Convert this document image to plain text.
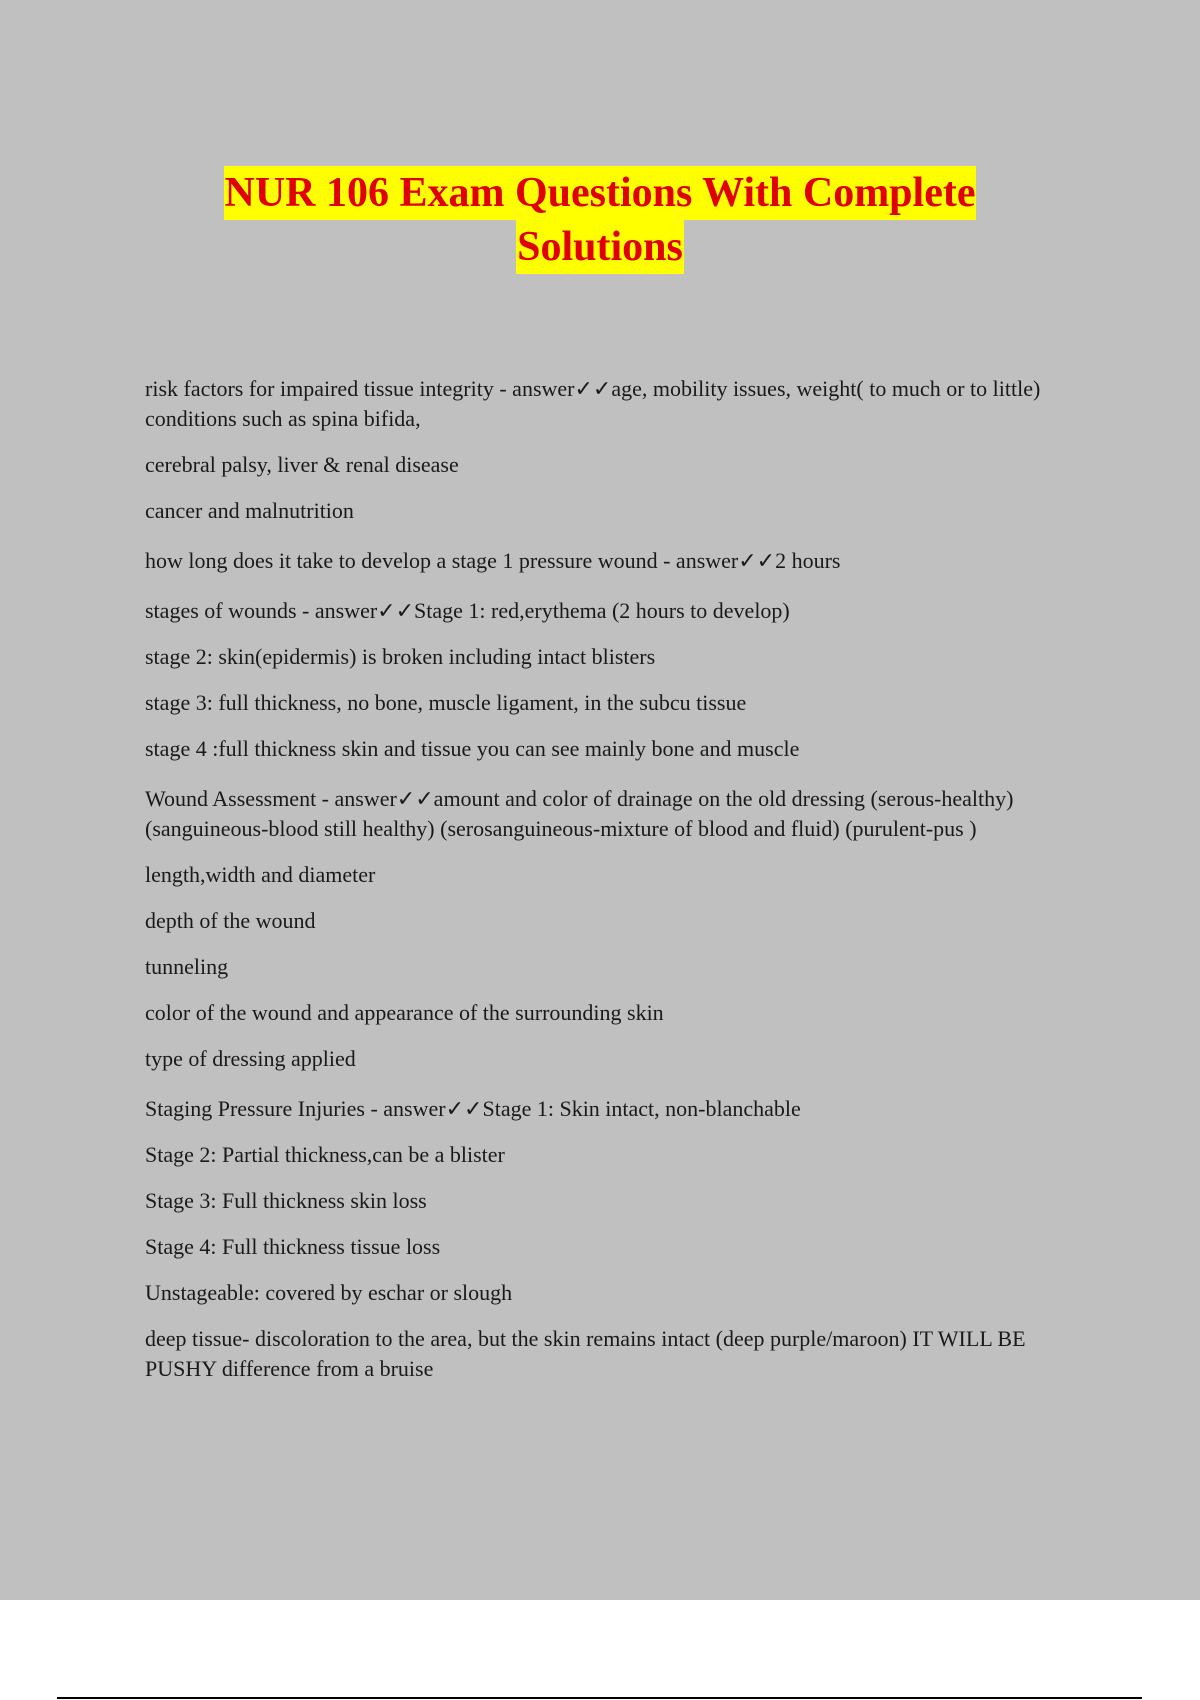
NUR 106 Exam Questions With Complete
Solutions

risk factors for impaired tissue integrity - answer✓✓age, mobility issues, weight( to much or to little) conditions such as spina bifida,

cerebral palsy, liver & renal disease

cancer and malnutrition

how long does it take to develop a stage 1 pressure wound - answer✓✓2 hours

stages of wounds - answer✓✓Stage 1: red,erythema (2 hours to develop)

stage 2: skin(epidermis) is broken including intact blisters

stage 3: full thickness, no bone, muscle ligament, in the subcu tissue

stage 4 :full thickness skin and tissue you can see mainly bone and muscle

Wound Assessment - answer✓✓amount and color of drainage on the old dressing (serous-healthy) (sanguineous-blood still healthy) (serosanguineous-mixture of blood and fluid) (purulent-pus )

length,width and diameter

depth of the wound

tunneling

color of the wound and appearance of the surrounding skin

type of dressing applied

Staging Pressure Injuries - answer✓✓Stage 1: Skin intact, non-blanchable

Stage 2: Partial thickness,can be a blister

Stage 3: Full thickness skin loss

Stage 4: Full thickness tissue loss

Unstageable: covered by eschar or slough

deep tissue- discoloration to the area, but the skin remains intact (deep purple/maroon) IT WILL BE PUSHY difference from a bruise
